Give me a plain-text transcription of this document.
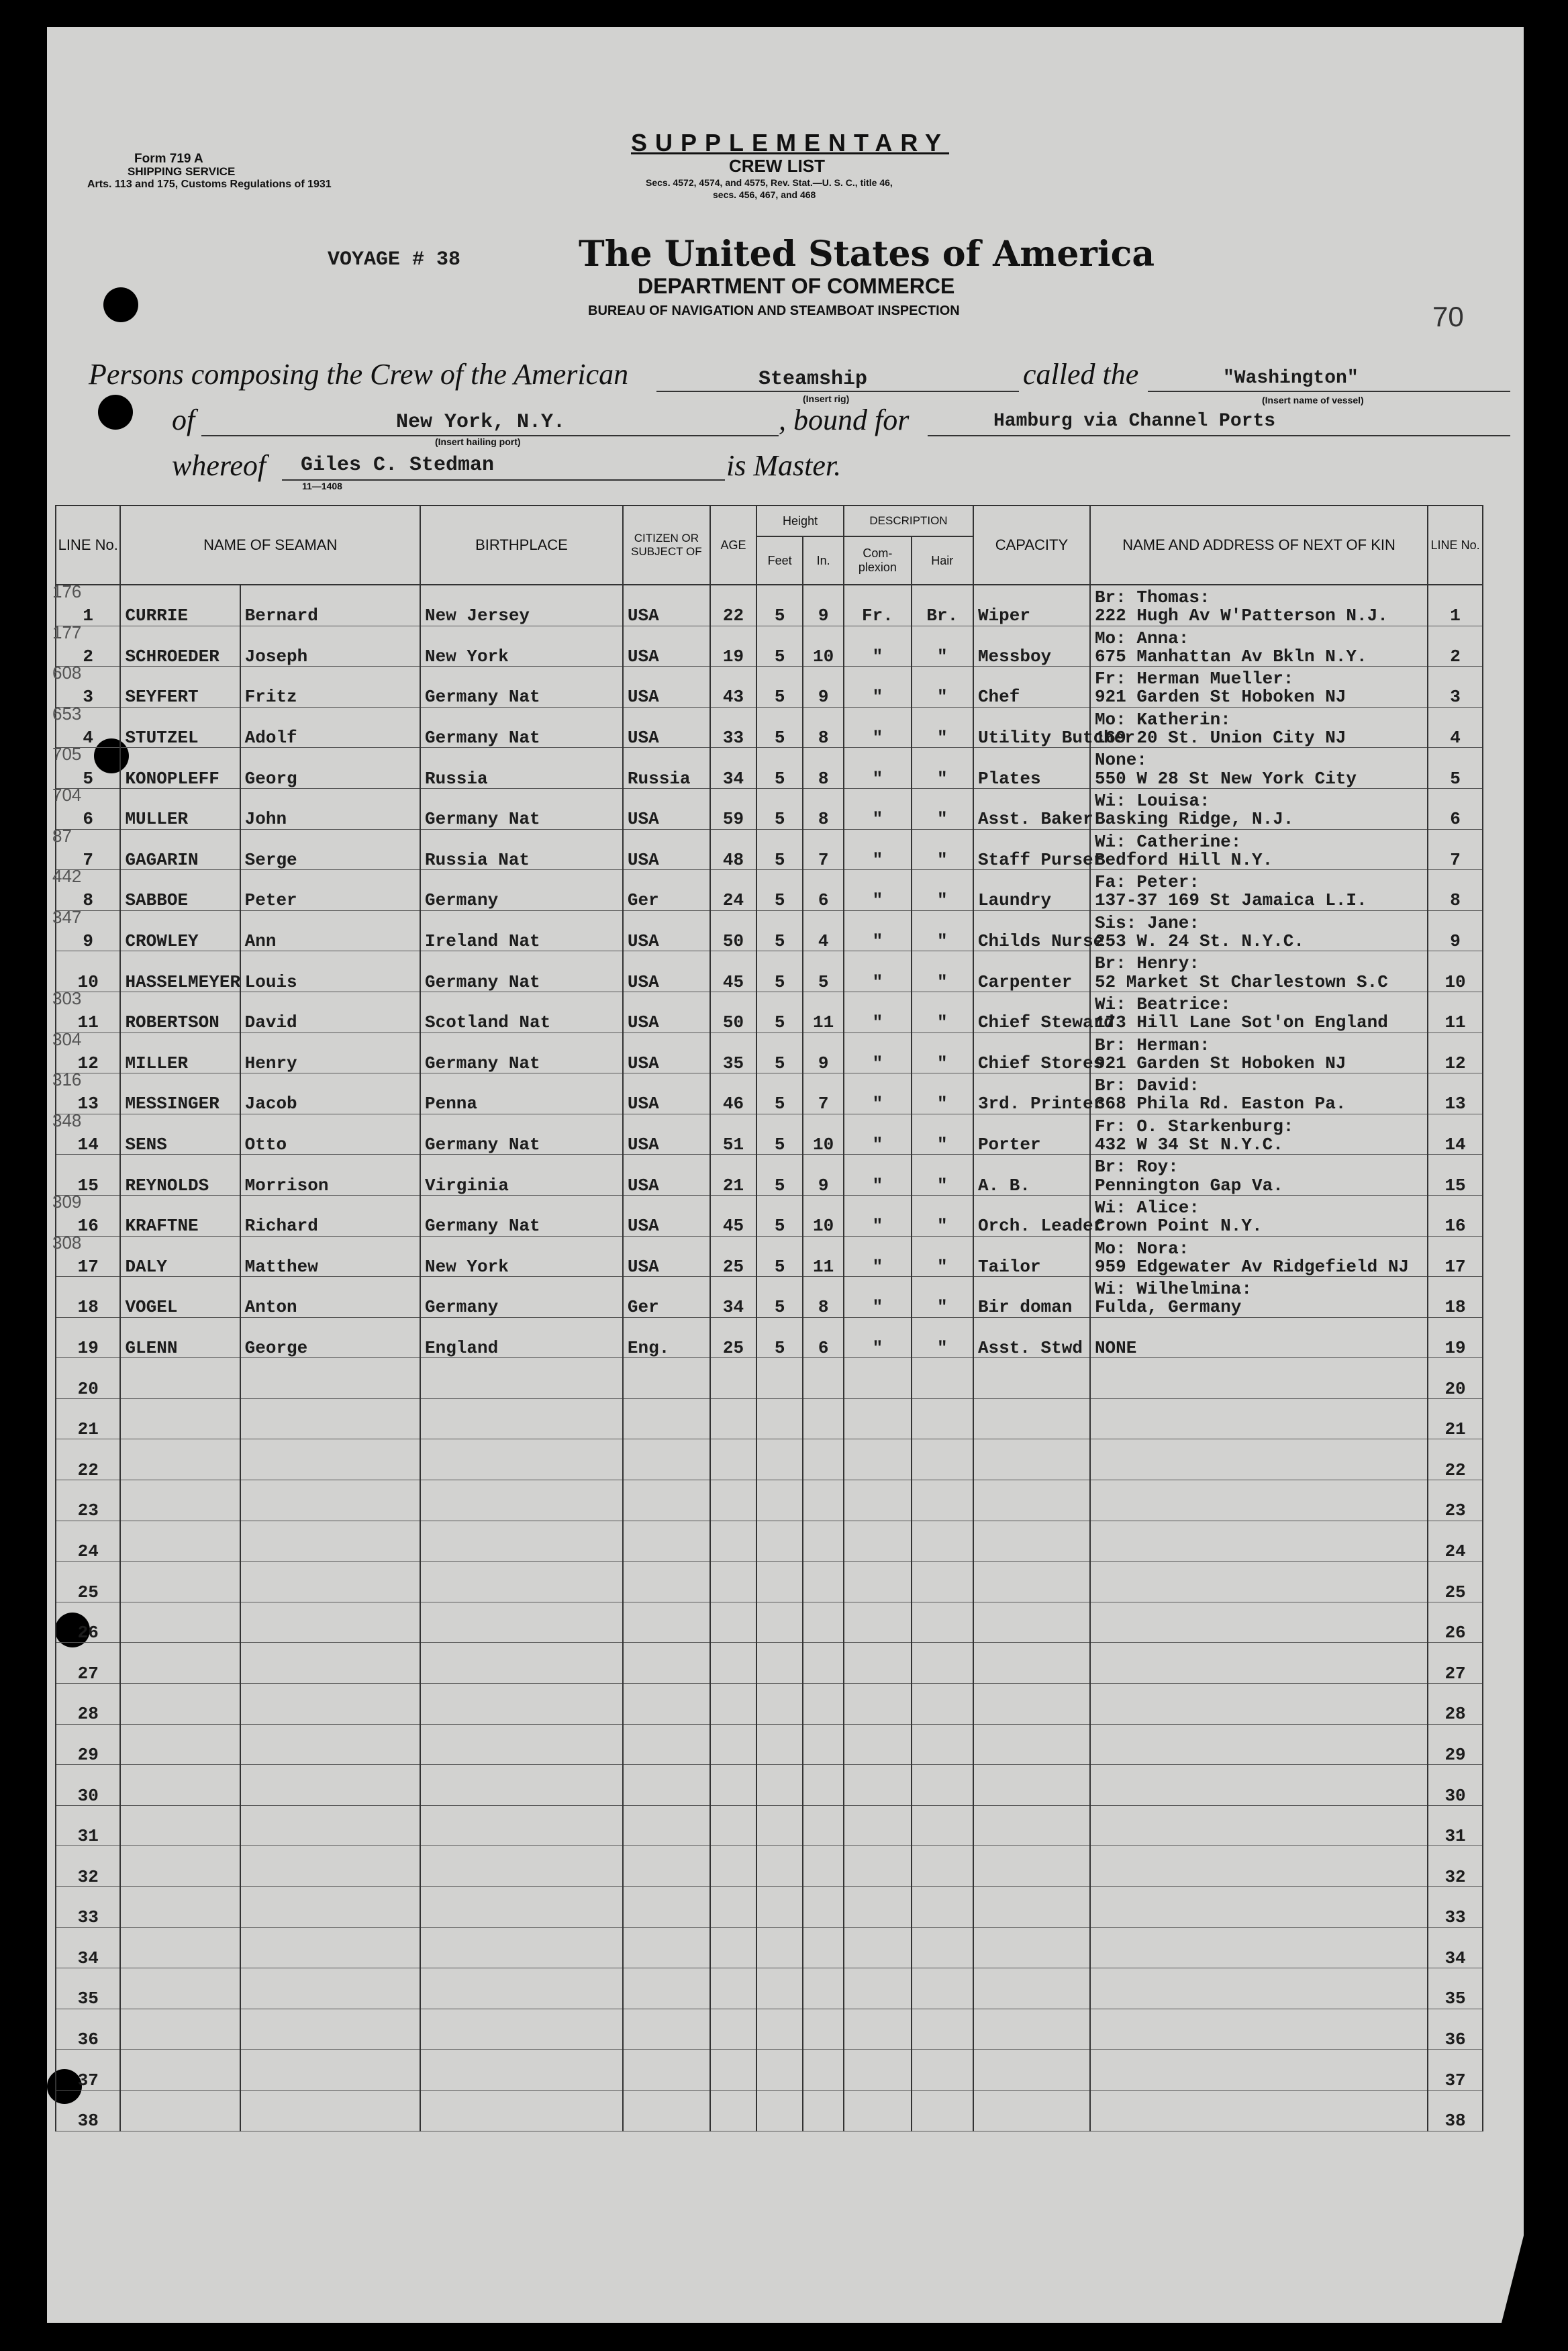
Form 719 A
SHIPPING SERVICE
Arts. 113 and 175, Customs Regulations of 1931
SUPPLEMENTARY
CREW LIST
Secs. 4572, 4574, and 4575, Rev. Stat.—U. S. C., title 46,
secs. 456, 467, and 468
VOYAGE # 38	The United States of America
DEPARTMENT OF COMMERCE
BUREAU OF NAVIGATION AND STEAMBOAT INSPECTION	70
Persons composing the Crew of the American	Steamship
(Insert rig)
called the	"Washington"
(Insert name of vessel)
of	New York, N.Y.
(Insert hailing port)
, bound for	Hamburg via Channel Ports
whereof Giles C. Stedman
11—1408
is Master.
LINE No.	NAME OF SEAMAN		BIRTHPLACE	CITIZEN OR SUBJECT OF	AGE	Height		DESCRIPTION		CAPACITY	NAME AND ADDRESS OF NEXT OF KIN	LINE No.
						Feet	In.	Com-plexion	Hair			
1	CURRIE	Bernard	New Jersey	USA	22	5	9	Fr.	Br.	Wiper	Br: Thomas:
222 Hugh Av W'Patterson N.J.	1
2	SCHROEDER	Joseph	New York	USA	19	5	10	"	"	Messboy	Mo: Anna:
675 Manhattan Av Bkln N.Y.	2
3	SEYFERT	Fritz	Germany Nat	USA	43	5	9	"	"	Chef	Fr: Herman Mueller:
921 Garden St Hoboken NJ	3
4	STUTZEL	Adolf	Germany Nat	USA	33	5	8	"	"	Utility Butcher	Mo: Katherin:
169 20 St. Union City NJ	4
5	KONOPLEFF	Georg	Russia	Russia	34	5	8	"	"	Plates	None:
550 W 28 St New York City	5
6	MULLER	John	Germany Nat	USA	59	5	8	"	"	Asst. Baker	Wi: Louisa:
Basking Ridge, N.J.	6
7	GAGARIN	Serge	Russia Nat	USA	48	5	7	"	"	Staff Purser	Wi: Catherine:
Bedford Hill N.Y.	7
8	SABBOE	Peter	Germany	Ger	24	5	6	"	"	Laundry	Fa: Peter:
137-37 169 St Jamaica L.I.	8
9	CROWLEY	Ann	Ireland Nat	USA	50	5	4	"	"	Childs Nurse	Sis: Jane:
253 W. 24 St. N.Y.C.	9
10	HASSELMEYER	Louis	Germany Nat	USA	45	5	5	"	"	Carpenter	Br: Henry:
52 Market St Charlestown S.C	10
11	ROBERTSON	David	Scotland Nat	USA	50	5	11	"	"	Chief Steward	Wi: Beatrice:
173 Hill Lane Sot'on England	11
12	MILLER	Henry	Germany Nat	USA	35	5	9	"	"	Chief Stores	Br: Herman:
921 Garden St Hoboken NJ	12
13	MESSINGER	Jacob	Penna	USA	46	5	7	"	"	3rd. Printer	Br: David:
368 Phila Rd. Easton Pa.	13
14	SENS	Otto	Germany Nat	USA	51	5	10	"	"	Porter	Fr: O. Starkenburg:
432 W 34 St N.Y.C.	14
15	REYNOLDS	Morrison	Virginia	USA	21	5	9	"	"	A. B.	Br: Roy:
Pennington Gap Va.	15
16	KRAFTNE	Richard	Germany Nat	USA	45	5	10	"	"	Orch. Leader	Wi: Alice:
Crown Point N.Y.	16
17	DALY	Matthew	New York	USA	25	5	11	"	"	Tailor	Mo: Nora:
959 Edgewater Av Ridgefield NJ	17
18	VOGEL	Anton	Germany	Ger	34	5	8	"	"	Bir doman	Wi: Wilhelmina:
Fulda, Germany	18
19	GLENN	George	England	Eng.	25	5	6	"	"	Asst. Stwd	NONE	19
20												20
21												21
22												22
23												23
24												24
25												25
26												26
27												27
28												28
29												29
30												30
31												31
32												32
33												33
34												34
35												35
36												36
37												37
38												38
176
177
608
653
705
704
87
442
347
303
304
316
348
309
308
